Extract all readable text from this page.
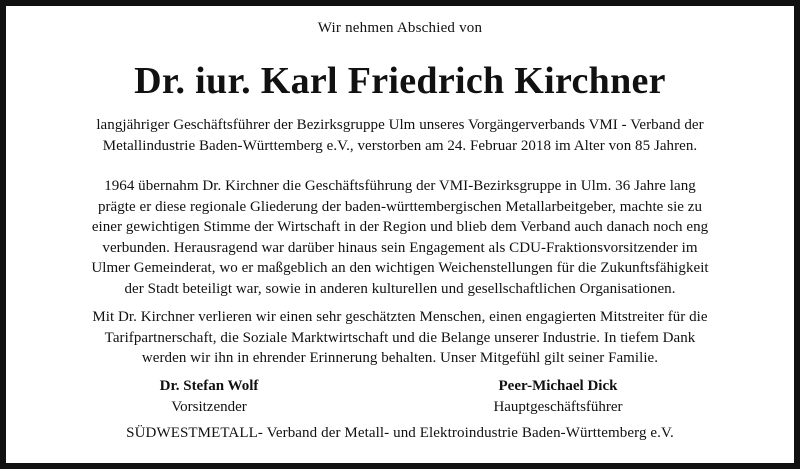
Wir nehmen Abschied von
Dr. iur. Karl Friedrich Kirchner
langjähriger Geschäftsführer der Bezirksgruppe Ulm unseres Vorgängerverbands VMI - Verband der
Metallindustrie Baden-Württemberg e.V., verstorben am 24. Februar 2018 im Alter von 85 Jahren.
1964 übernahm Dr. Kirchner die Geschäftsführung der VMI-Bezirksgruppe in Ulm. 36 Jahre lang
prägte er diese regionale Gliederung der baden-württembergischen Metallarbeitgeber, machte sie zu
einer gewichtigen Stimme der Wirtschaft in der Region und blieb dem Verband auch danach noch eng
verbunden. Herausragend war darüber hinaus sein Engagement als CDU-Fraktionsvorsitzender im
Ulmer Gemeinderat, wo er maßgeblich an den wichtigen Weichenstellungen für die Zukunftsfähigkeit
der Stadt beteiligt war, sowie in anderen kulturellen und gesellschaftlichen Organisationen.
Mit Dr. Kirchner verlieren wir einen sehr geschätzten Menschen, einen engagierten Mitstreiter für die
Tarifpartnerschaft, die Soziale Marktwirtschaft und die Belange unserer Industrie. In tiefem Dank
werden wir ihn in ehrender Erinnerung behalten. Unser Mitgefühl gilt seiner Familie.
Dr. Stefan Wolf
Vorsitzender
Peer-Michael Dick
Hauptgeschäftsführer
SÜDWESTMETALL- Verband der Metall- und Elektroindustrie Baden-Württemberg e.V.
